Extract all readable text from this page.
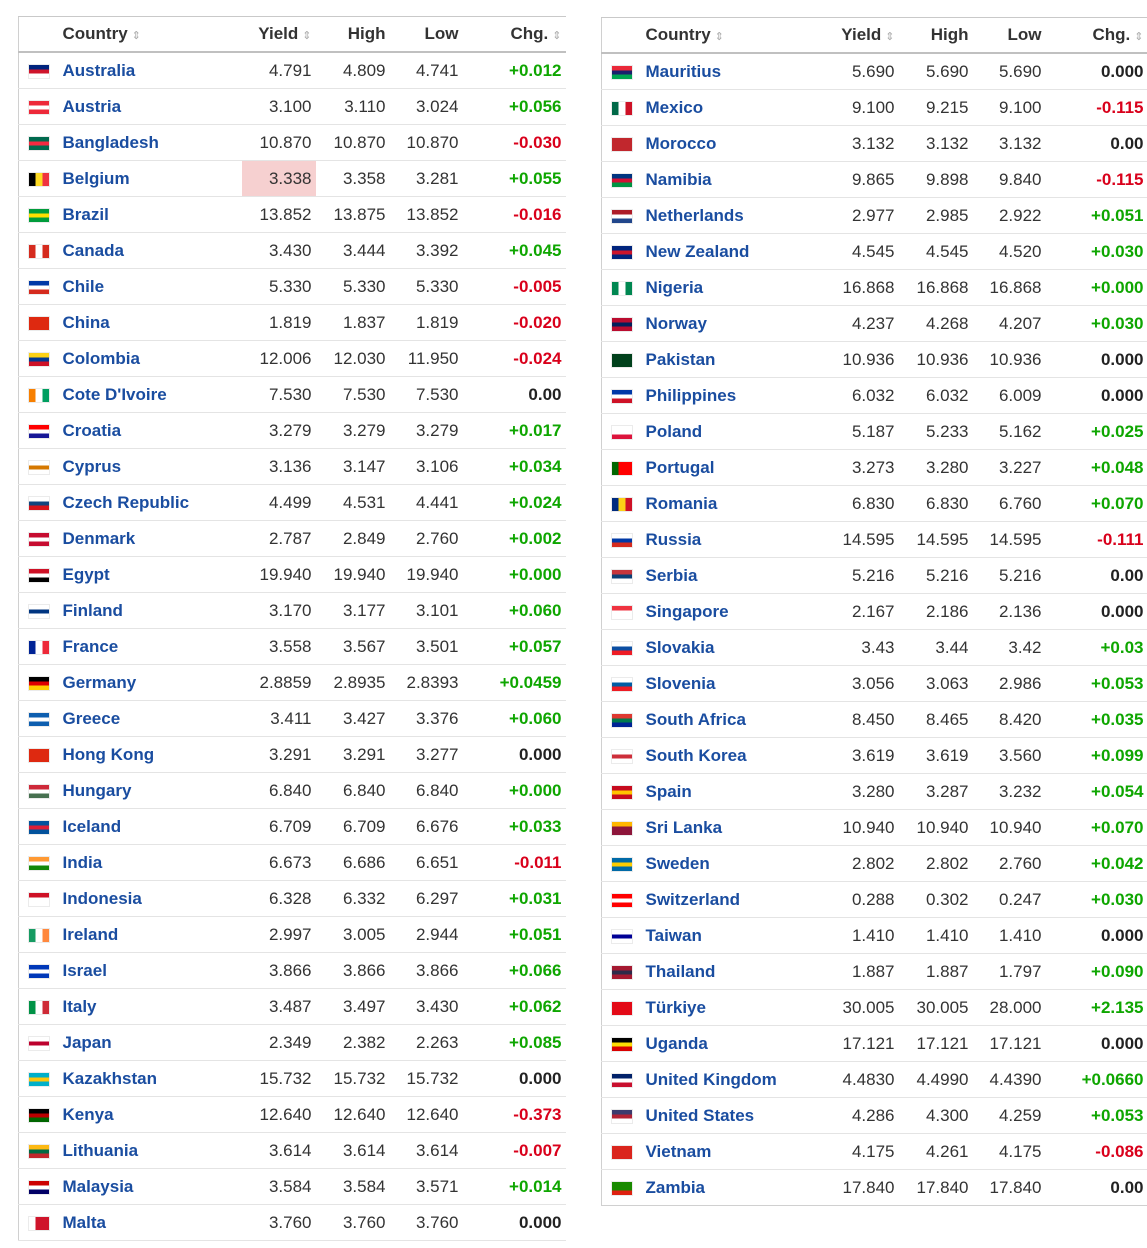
	Country ⇕	Yield ⇕	High	Low	Chg. ⇕
	Australia	4.791	4.809	4.741	+0.012
	Austria	3.100	3.110	3.024	+0.056
	Bangladesh	10.870	10.870	10.870	-0.030
	Belgium	3.338	3.358	3.281	+0.055
	Brazil	13.852	13.875	13.852	-0.016
	Canada	3.430	3.444	3.392	+0.045
	Chile	5.330	5.330	5.330	-0.005
	China	1.819	1.837	1.819	-0.020
	Colombia	12.006	12.030	11.950	-0.024
	Cote D'Ivoire	7.530	7.530	7.530	0.00
	Croatia	3.279	3.279	3.279	+0.017
	Cyprus	3.136	3.147	3.106	+0.034
	Czech Republic	4.499	4.531	4.441	+0.024
	Denmark	2.787	2.849	2.760	+0.002
	Egypt	19.940	19.940	19.940	+0.000
	Finland	3.170	3.177	3.101	+0.060
	France	3.558	3.567	3.501	+0.057
	Germany	2.8859	2.8935	2.8393	+0.0459
	Greece	3.411	3.427	3.376	+0.060
	Hong Kong	3.291	3.291	3.277	0.000
	Hungary	6.840	6.840	6.840	+0.000
	Iceland	6.709	6.709	6.676	+0.033
	India	6.673	6.686	6.651	-0.011
	Indonesia	6.328	6.332	6.297	+0.031
	Ireland	2.997	3.005	2.944	+0.051
	Israel	3.866	3.866	3.866	+0.066
	Italy	3.487	3.497	3.430	+0.062
	Japan	2.349	2.382	2.263	+0.085
	Kazakhstan	15.732	15.732	15.732	0.000
	Kenya	12.640	12.640	12.640	-0.373
	Lithuania	3.614	3.614	3.614	-0.007
	Malaysia	3.584	3.584	3.571	+0.014
	Malta	3.760	3.760	3.760	0.000
	Country ⇕	Yield ⇕	High	Low	Chg. ⇕
	Mauritius	5.690	5.690	5.690	0.000
	Mexico	9.100	9.215	9.100	-0.115
	Morocco	3.132	3.132	3.132	0.00
	Namibia	9.865	9.898	9.840	-0.115
	Netherlands	2.977	2.985	2.922	+0.051
	New Zealand	4.545	4.545	4.520	+0.030
	Nigeria	16.868	16.868	16.868	+0.000
	Norway	4.237	4.268	4.207	+0.030
	Pakistan	10.936	10.936	10.936	0.000
	Philippines	6.032	6.032	6.009	0.000
	Poland	5.187	5.233	5.162	+0.025
	Portugal	3.273	3.280	3.227	+0.048
	Romania	6.830	6.830	6.760	+0.070
	Russia	14.595	14.595	14.595	-0.111
	Serbia	5.216	5.216	5.216	0.00
	Singapore	2.167	2.186	2.136	0.000
	Slovakia	3.43	3.44	3.42	+0.03
	Slovenia	3.056	3.063	2.986	+0.053
	South Africa	8.450	8.465	8.420	+0.035
	South Korea	3.619	3.619	3.560	+0.099
	Spain	3.280	3.287	3.232	+0.054
	Sri Lanka	10.940	10.940	10.940	+0.070
	Sweden	2.802	2.802	2.760	+0.042
	Switzerland	0.288	0.302	0.247	+0.030
	Taiwan	1.410	1.410	1.410	0.000
	Thailand	1.887	1.887	1.797	+0.090
	Türkiye	30.005	30.005	28.000	+2.135
	Uganda	17.121	17.121	17.121	0.000
	United Kingdom	4.4830	4.4990	4.4390	+0.0660
	United States	4.286	4.300	4.259	+0.053
	Vietnam	4.175	4.261	4.175	-0.086
	Zambia	17.840	17.840	17.840	0.00
